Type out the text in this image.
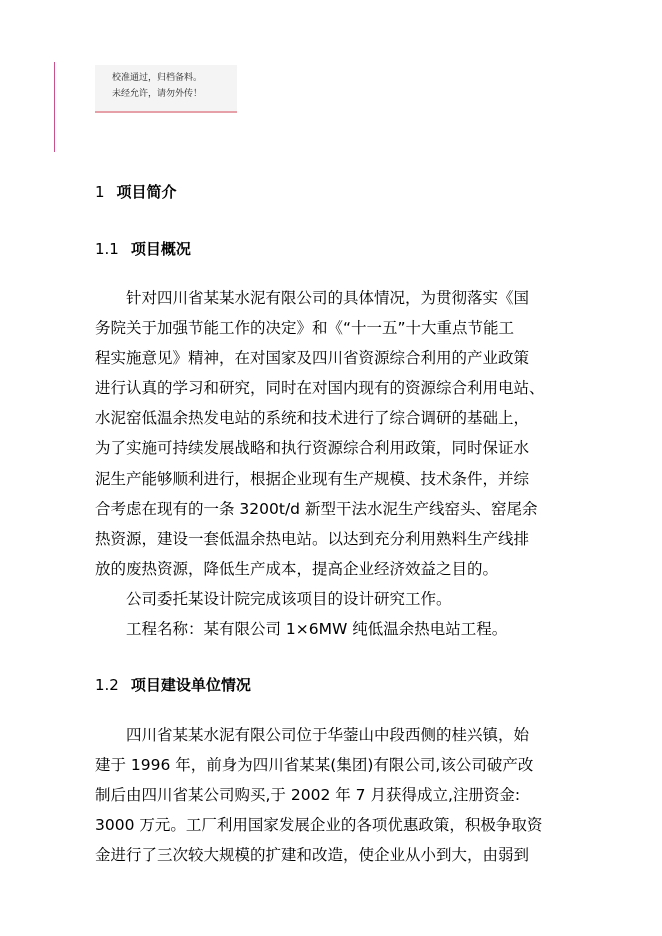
校准通过，归档备料。
未经允许，请勿外传！
1 项目简介
1.1 项目概况

　　针对四川省某某水泥有限公司的具体情况，为贯彻落实《国

务院关于加强节能工作的决定》和《“十一五”十大重点节能工

程实施意见》精神，在对国家及四川省资源综合利用的产业政策

进行认真的学习和研究，同时在对国内现有的资源综合利用电站、

水泥窑低温余热发电站的系统和技术进行了综合调研的基础上，

为了实施可持续发展战略和执行资源综合利用政策，同时保证水

泥生产能够顺利进行，根据企业现有生产规模、技术条件，并综

合考虑在现有的一条 3200t/d 新型干法水泥生产线窑头、窑尾余

热资源，建设一套低温余热电站。以达到充分利用熟料生产线排

放的废热资源，降低生产成本，提高企业经济效益之目的。

　　公司委托某设计院完成该项目的设计研究工作。

　　工程名称：某有限公司 1×6MW 纯低温余热电站工程。

1.2 项目建设单位情况

　　四川省某某水泥有限公司位于华蓥山中段西侧的桂兴镇，始

建于 1996 年，前身为四川省某某(集团)有限公司,该公司破产改

制后由四川省某公司购买,于 2002 年 7 月获得成立,注册资金:

3000 万元。工厂利用国家发展企业的各项优惠政策，积极争取资

金进行了三次较大规模的扩建和改造，使企业从小到大，由弱到
